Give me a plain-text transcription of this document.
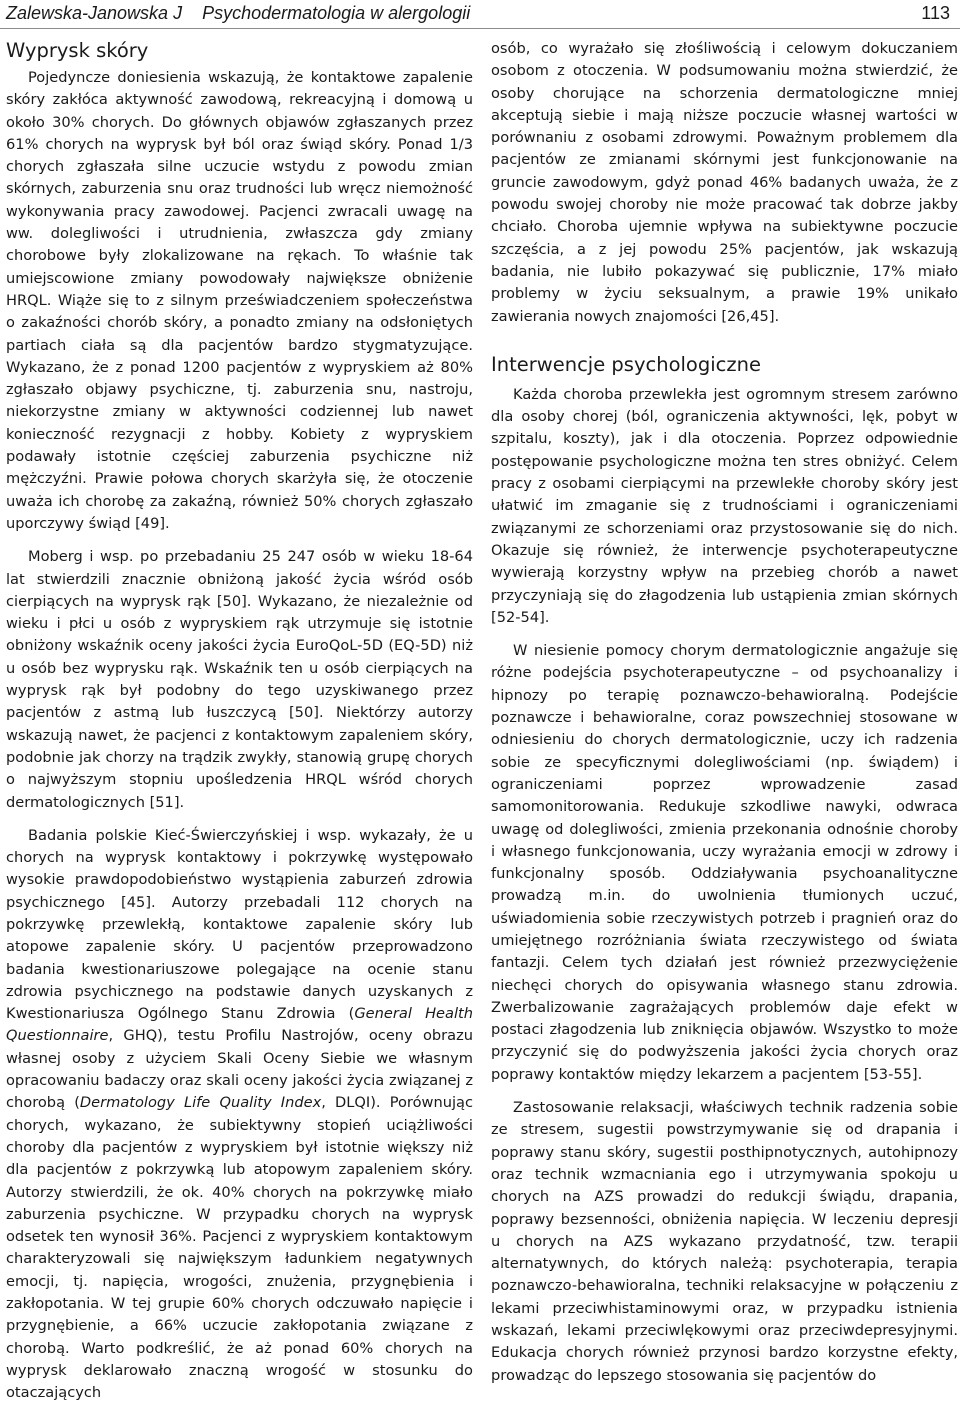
Zalewska-Janowska J Psychodermatologia w alergologii	113
Wyprysk skóry

Pojedyncze doniesienia wskazują, że kontaktowe zapalenie skóry zakłóca aktywność zawodową, rekreacyjną i domową u około 30% chorych. Do głównych objawów zgłaszanych przez 61% chorych na wyprysk był ból oraz świąd skóry. Ponad 1/3 chorych zgłaszała silne uczucie wstydu z powodu zmian skórnych, zaburzenia snu oraz trudności lub wręcz niemożność wykonywania pracy zawodowej. Pacjenci zwracali uwagę na ww. dolegliwości i utrudnienia, zwłaszcza gdy zmiany chorobowe były zlokalizowane na rękach. To właśnie tak umiejscowione zmiany powodowały największe obniżenie HRQL. Wiąże się to z silnym przeświadczeniem społeczeństwa o zakaźności chorób skóry, a ponadto zmiany na odsłoniętych partiach ciała są dla pacjentów bardzo stygmatyzujące. Wykazano, że z ponad 1200 pacjentów z wypryskiem aż 80% zgłaszało objawy psychiczne, tj. zaburzenia snu, nastroju, niekorzystne zmiany w aktywności codziennej lub nawet konieczność rezygnacji z hobby. Kobiety z wypryskiem podawały istotnie częściej zaburzenia psychiczne niż mężczyźni. Prawie połowa chorych skarżyła się, że otoczenie uważa ich chorobę za zakaźną, również 50% chorych zgłaszało uporczywy świąd [49].

Moberg i wsp. po przebadaniu 25 247 osób w wieku 18-64 lat stwierdzili znacznie obniżoną jakość życia wśród osób cierpiących na wyprysk rąk [50]. Wykazano, że niezależnie od wieku i płci u osób z wypryskiem rąk utrzymuje się istotnie obniżony wskaźnik oceny jakości życia EuroQoL-5D (EQ-5D) niż u osób bez wyprysku rąk. Wskaźnik ten u osób cierpiących na wyprysk rąk był podobny do tego uzyskiwanego przez pacjentów z astmą lub łuszczycą [50]. Niektórzy autorzy wskazują nawet, że pacjenci z kontaktowym zapaleniem skóry, podobnie jak chorzy na trądzik zwykły, stanowią grupę chorych o najwyższym stopniu upośledzenia HRQL wśród chorych dermatologicznych [51].

Badania polskie Kieć-Świerczyńskiej i wsp. wykazały, że u chorych na wyprysk kontaktowy i pokrzywkę występowało wysokie prawdopodobieństwo wystąpienia zaburzeń zdrowia psychicznego [45]. Autorzy przebadali 112 chorych na pokrzywkę przewlekłą, kontaktowe zapalenie skóry lub atopowe zapalenie skóry. U pacjentów przeprowadzono badania kwestionariuszowe polegające na ocenie stanu zdrowia psychicznego na podstawie danych uzyskanych z Kwestionariusza Ogólnego Stanu Zdrowia (General Health Questionnaire, GHQ), testu Profilu Nastrojów, oceny obrazu własnej osoby z użyciem Skali Oceny Siebie we własnym opracowaniu badaczy oraz skali oceny jakości życia związanej z chorobą (Dermatology Life Quality Index, DLQI). Porównując chorych, wykazano, że subiektywny stopień uciążliwości choroby dla pacjentów z wypryskiem był istotnie większy niż dla pacjentów z pokrzywką lub atopowym zapaleniem skóry. Autorzy stwierdzili, że ok. 40% chorych na pokrzywkę miało zaburzenia psychiczne. W przypadku chorych na wyprysk odsetek ten wynosił 36%. Pacjenci z wypryskiem kontaktowym charakteryzowali się największym ładunkiem negatywnych emocji, tj. napięcia, wrogości, znużenia, przygnębienia i zakłopotania. W tej grupie 60% chorych odczuwało napięcie i przygnębienie, a 66% uczucie zakłopotania związane z chorobą. Warto podkreślić, że aż ponad 60% chorych na wyprysk deklarowało znaczną wrogość w stosunku do otaczających

osób, co wyrażało się złośliwością i celowym dokuczaniem osobom z otoczenia. W podsumowaniu można stwierdzić, że osoby chorujące na schorzenia dermatologiczne mniej akceptują siebie i mają niższe poczucie własnej wartości w porównaniu z osobami zdrowymi. Poważnym problemem dla pacjentów ze zmianami skórnymi jest funkcjonowanie na gruncie zawodowym, gdyż ponad 46% badanych uważa, że z powodu swojej choroby nie może pracować tak dobrze jakby chciało. Choroba ujemnie wpływa na subiektywne poczucie szczęścia, a z jej powodu 25% pacjentów, jak wskazują badania, nie lubiło pokazywać się publicznie, 17% miało problemy w życiu seksualnym, a prawie 19% unikało zawierania nowych znajomości [26,45].

Interwencje psychologiczne

Każda choroba przewlekła jest ogromnym stresem zarówno dla osoby chorej (ból, ograniczenia aktywności, lęk, pobyt w szpitalu, koszty), jak i dla otoczenia. Poprzez odpowiednie postępowanie psychologiczne można ten stres obniżyć. Celem pracy z osobami cierpiącymi na przewlekłe choroby skóry jest ułatwić im zmaganie się z trudnościami i ograniczeniami związanymi ze schorzeniami oraz przystosowanie się do nich. Okazuje się również, że interwencje psychoterapeutyczne wywierają korzystny wpływ na przebieg chorób a nawet przyczyniają się do złagodzenia lub ustąpienia zmian skórnych [52-54].

W niesienie pomocy chorym dermatologicznie angażuje się różne podejścia psychoterapeutyczne – od psychoanalizy i hipnozy po terapię poznawczo-behawioralną. Podejście poznawcze i behawioralne, coraz powszechniej stosowane w odniesieniu do chorych dermatologicznie, uczy ich radzenia sobie ze specyficznymi dolegliwościami (np. świądem) i ograniczeniami poprzez wprowadzenie zasad samomonitorowania. Redukuje szkodliwe nawyki, odwraca uwagę od dolegliwości, zmienia przekonania odnośnie choroby i własnego funkcjonowania, uczy wyrażania emocji w zdrowy i funkcjonalny sposób. Oddziaływania psychoanalityczne prowadzą m.in. do uwolnienia tłumionych uczuć, uświadomienia sobie rzeczywistych potrzeb i pragnień oraz do umiejętnego rozróżniania świata rzeczywistego od świata fantazji. Celem tych działań jest również przezwyciężenie niechęci chorych do opisywania własnego stanu zdrowia. Zwerbalizowanie zagrażających problemów daje efekt w postaci złagodzenia lub zniknięcia objawów. Wszystko to może przyczynić się do podwyższenia jakości życia chorych oraz poprawy kontaktów między lekarzem a pacjentem [53-55].

Zastosowanie relaksacji, właściwych technik radzenia sobie ze stresem, sugestii powstrzymywanie się od drapania i poprawy stanu skóry, sugestii posthipnotycznych, autohipnozy oraz technik wzmacniania ego i utrzymywania spokoju u chorych na AZS prowadzi do redukcji świądu, drapania, poprawy bezsenności, obniżenia napięcia. W leczeniu depresji u chorych na AZS wykazano przydatność, tzw. terapii alternatywnych, do których należą: psychoterapia, terapia poznawczo-behawioralna, techniki relaksacyjne w połączeniu z lekami przeciwhistaminowymi oraz, w przypadku istnienia wskazań, lekami przeciwlękowymi oraz przeciwdepresyjnymi. Edukacja chorych również przynosi bardzo korzystne efekty, prowadząc do lepszego stosowania się pacjentów do
